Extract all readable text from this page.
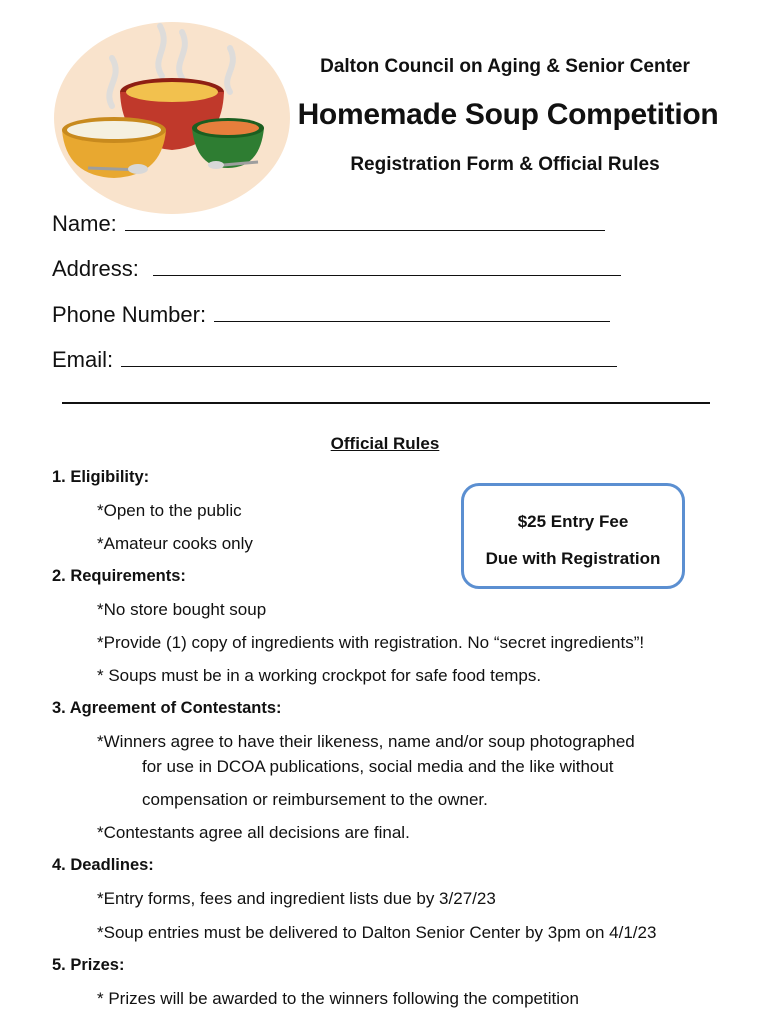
Dalton Council on Aging & Senior Center
Homemade Soup Competition
Registration Form & Official Rules
Name:
Address:
Phone Number:
Email:
Official Rules
1. Eligibility:
*Open to the public
*Amateur cooks only
2. Requirements:
*No store bought soup
*Provide (1) copy of ingredients with registration. No “secret ingredients”!
* Soups must be in a working crockpot for safe food temps.
3. Agreement of Contestants:
*Winners agree to have their likeness, name and/or soup photographed
for use in DCOA publications, social media and the like without
compensation or reimbursement to the owner.
*Contestants agree all decisions are final.
4. Deadlines:
*Entry forms, fees and ingredient lists due by 3/27/23
*Soup entries must be delivered to Dalton Senior Center by 3pm on 4/1/23
5. Prizes:
* Prizes will be awarded to the winners following the competition
$25 Entry Fee
Due with Registration
